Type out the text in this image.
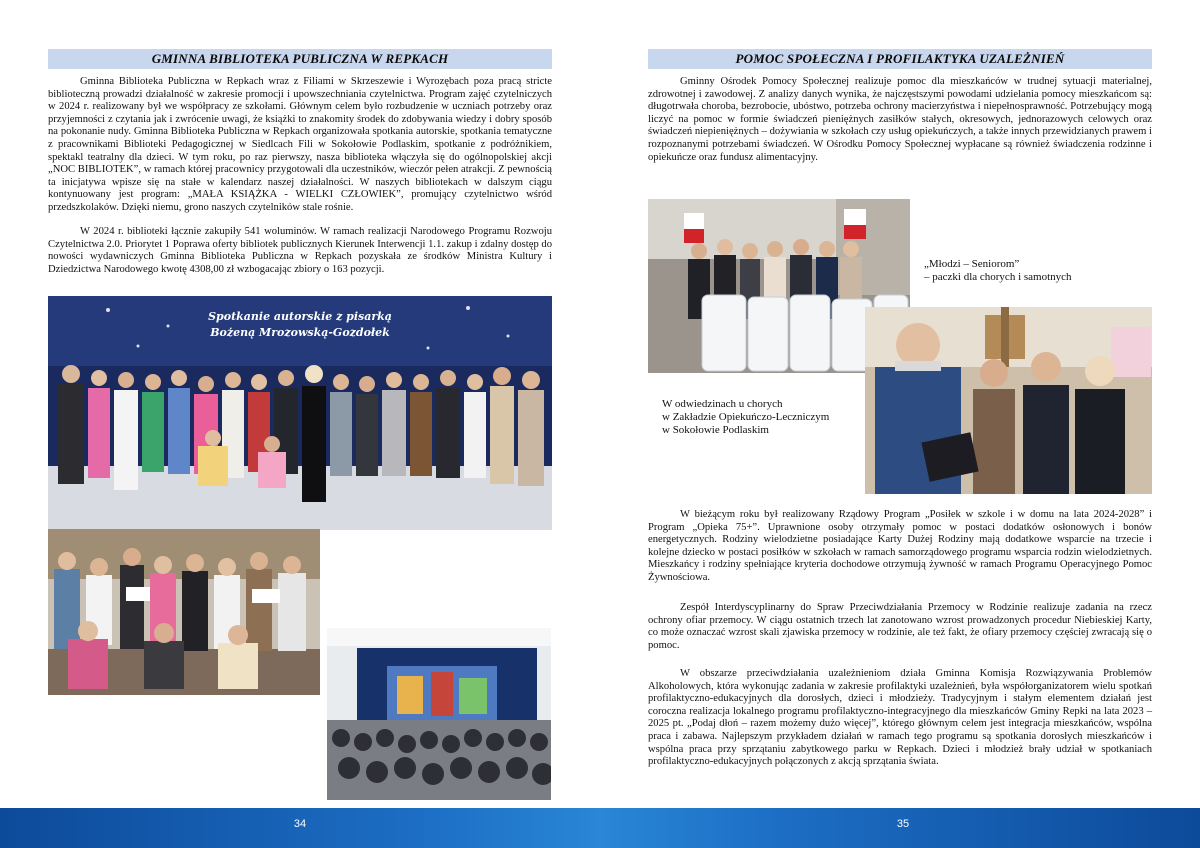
GMINNA BIBLIOTEKA PUBLICZNA W REPKACH

Gminna Biblioteka Publiczna w Repkach wraz z Filiami w Skrzeszewie i Wyrozębach poza pracą stricte biblioteczną prowadzi działalność w zakresie promocji i upowszechniania czytelnictwa. Program zajęć czytelniczych w 2024 r. realizowany był we współpracy ze szkołami. Głównym celem było rozbudzenie w uczniach potrzeby oraz przyjemności z czytania jak i zwrócenie uwagi, że książki to znakomity środek do zdobywania wiedzy i dobry sposób na pokonanie nudy. Gminna Biblioteka Publiczna w Repkach organizowała spotkania autorskie, spotkania tematyczne z pracownikami Biblioteki Pedagogicznej w Siedlcach Fili w Sokołowie Podlaskim, spotkanie z podróżnikiem, spektakl teatralny dla dzieci. W tym roku, po raz pierwszy, nasza biblioteka włączyła się do ogólnopolskiej akcji „NOC BIBLIOTEK”, w ramach której pracownicy przygotowali dla uczestników, wieczór pełen atrakcji. Z pewnością ta inicjatywa wpisze się na stałe w kalendarz naszej działalności. W naszych bibliotekach w dalszym ciągu kontynuowany jest program: „MAŁA KSIĄŻKA - WIELKI CZŁOWIEK”, promujący czytelnictwo wśród przedszkolaków. Dzięki niemu, grono naszych czytelników stale rośnie.

W 2024 r. biblioteki łącznie zakupiły 541 woluminów. W ramach realizacji Narodowego Programu Rozwoju Czytelnictwa 2.0. Priorytet 1 Poprawa oferty bibliotek publicznych Kierunek Interwencji 1.1. zakup i zdalny dostęp do nowości wydawniczych Gminna Biblioteka Publiczna w Repkach pozyskała ze środków Ministra Kultury i Dziedzictwa Narodowego kwotę 4308,00 zł wzbogacając zbiory o 163 pozycji.

Spotkanie autorskie z pisarką
Bożeną Mrozowską-Gozdołek
POMOC SPOŁECZNA I PROFILAKTYKA UZALEŻNIEŃ

Gminny Ośrodek Pomocy Społecznej realizuje pomoc dla mieszkańców w trudnej sytuacji materialnej, zdrowotnej i zawodowej. Z analizy danych wynika, że najczęstszymi powodami udzielania pomocy mieszkańcom są: długotrwała choroba, bezrobocie, ubóstwo, potrzeba ochrony macierzyństwa i niepełnosprawność. Potrzebujący mogą liczyć na pomoc w formie świadczeń pieniężnych zasiłków stałych, okresowych, jednorazowych celowych oraz świadczeń niepieniężnych – dożywiania w szkołach czy usług opiekuńczych, a także innych przewidzianych prawem i rozpoznanymi potrzebami świadczeń. W Ośrodku Pomocy Społecznej wypłacane są również świadczenia rodzinne i opiekuńcze oraz fundusz alimentacyjny.

„Młodzi – Seniorom”
– paczki dla chorych i samotnych
W odwiedzinach u chorych
w Zakładzie Opiekuńczo-Leczniczym
w Sokołowie Podlaskim

W bieżącym roku był realizowany Rządowy Program „Posiłek w szkole i w domu na lata 2024-2028” i Program „Opieka 75+”. Uprawnione osoby otrzymały pomoc w postaci dodatków osłonowych i bonów energetycznych. Rodziny wielodzietne posiadające Karty Dużej Rodziny mają dodatkowe wsparcie na trzecie i kolejne dziecko w postaci posiłków w szkołach w ramach samorządowego programu wsparcia rodzin wielodzietnych. Mieszkańcy i rodziny spełniające kryteria dochodowe otrzymują żywność w ramach Programu Operacyjnego Pomoc Żywnościowa.

Zespół Interdyscyplinarny do Spraw Przeciwdziałania Przemocy w Rodzinie realizuje zadania na rzecz ochrony ofiar przemocy. W ciągu ostatnich trzech lat zanotowano wzrost prowadzonych procedur Niebieskiej Karty, co może oznaczać wzrost skali zjawiska przemocy w rodzinie, ale też fakt, że ofiary przemocy częściej zwracają się o pomoc.

W obszarze przeciwdziałania uzależnieniom działa Gminna Komisja Rozwiązywania Problemów Alkoholowych, która wykonując zadania w zakresie profilaktyki uzależnień, była współorganizatorem wielu spotkań profilaktyczno-edukacyjnych dla dorosłych, dzieci i młodzieży. Tradycyjnym i stałym elementem działań jest coroczna realizacja lokalnego programu profilaktyczno-integracyjnego dla mieszkańców Gminy Repki na lata 2023 – 2025 pt. „Podaj dłoń – razem możemy dużo więcej”, którego głównym celem jest integracja mieszkańców, wspólna praca i zabawa. Najlepszym przykładem działań w ramach tego programu są spotkania dorosłych mieszkańców i wspólna praca przy sprzątaniu zabytkowego parku w Repkach. Dzieci i młodzież brały udział w spotkaniach profilaktyczno-edukacyjnych połączonych z akcją sprzątania świata.

34	35
